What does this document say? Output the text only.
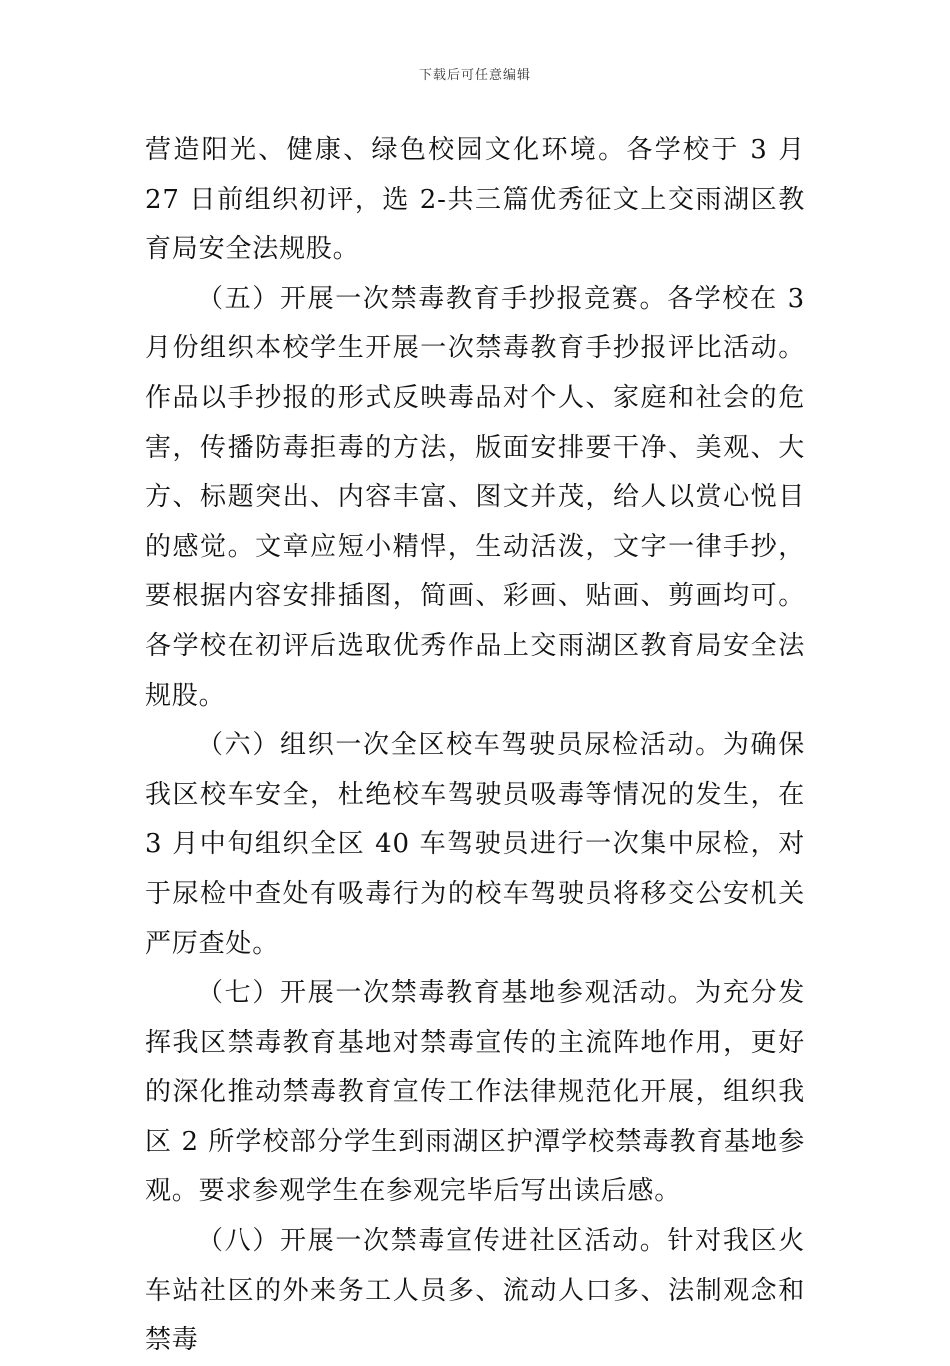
下载后可任意编辑

营造阳光、健康、绿色校园文化环境。各学校于 3 月 27 日前组织初评，选 2-共三篇优秀征文上交雨湖区教育局安全法规股。

（五）开展一次禁毒教育手抄报竞赛。各学校在 3 月份组织本校学生开展一次禁毒教育手抄报评比活动。作品以手抄报的形式反映毒品对个人、家庭和社会的危害，传播防毒拒毒的方法，版面安排要干净、美观、大方、标题突出、内容丰富、图文并茂，给人以赏心悦目的感觉。文章应短小精悍，生动活泼，文字一律手抄，要根据内容安排插图，简画、彩画、贴画、剪画均可。各学校在初评后选取优秀作品上交雨湖区教育局安全法规股。

（六）组织一次全区校车驾驶员尿检活动。为确保我区校车安全，杜绝校车驾驶员吸毒等情况的发生，在 3 月中旬组织全区 40 车驾驶员进行一次集中尿检，对于尿检中查处有吸毒行为的校车驾驶员将移交公安机关严厉查处。

（七）开展一次禁毒教育基地参观活动。为充分发挥我区禁毒教育基地对禁毒宣传的主流阵地作用，更好的深化推动禁毒教育宣传工作法律规范化开展，组织我区 2 所学校部分学生到雨湖区护潭学校禁毒教育基地参观。要求参观学生在参观完毕后写出读后感。

（八）开展一次禁毒宣传进社区活动。针对我区火车站社区的外来务工人员多、流动人口多、法制观念和禁毒
